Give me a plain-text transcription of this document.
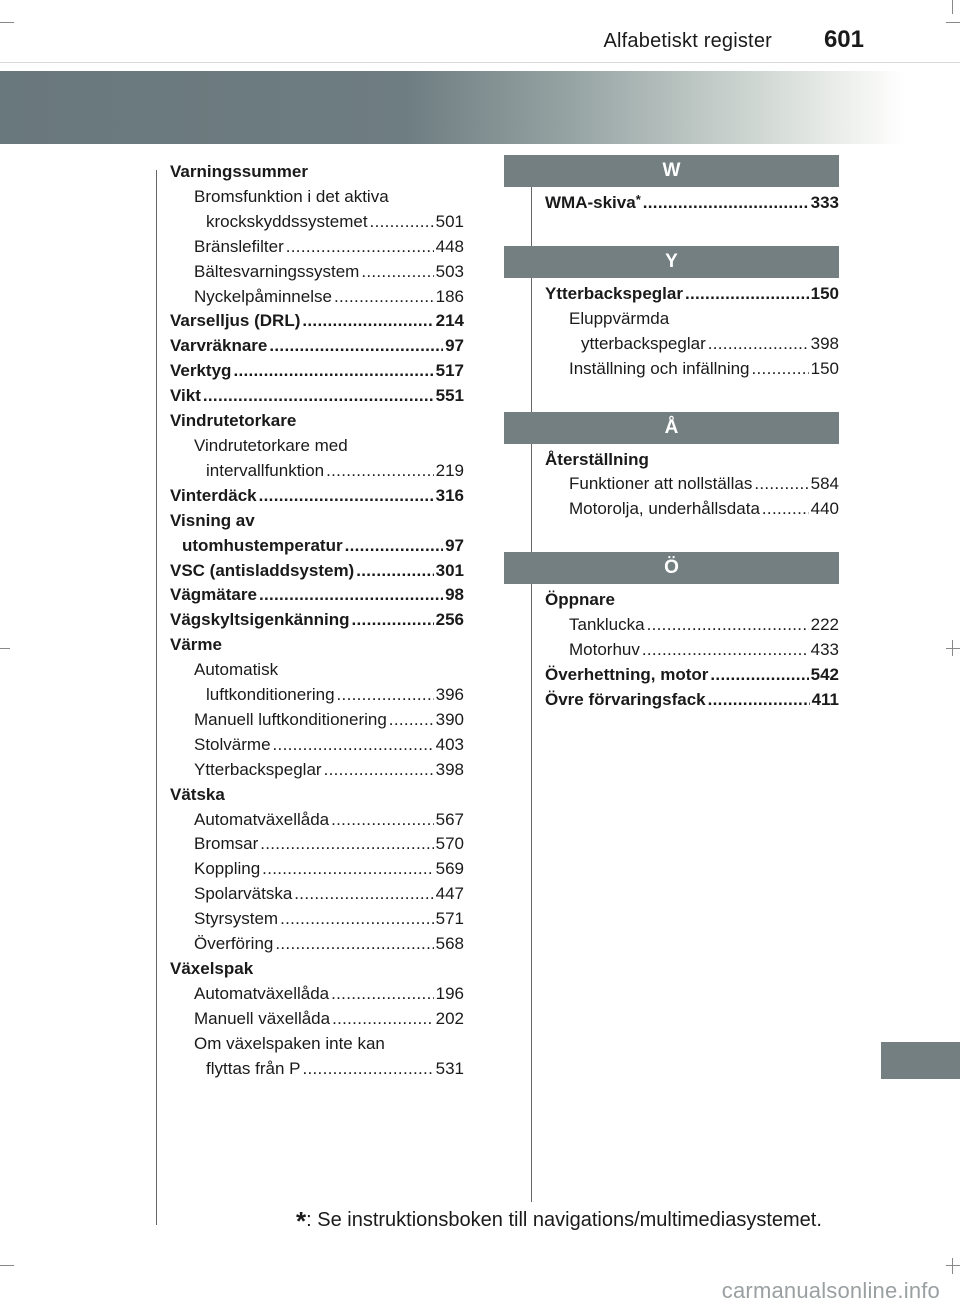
Alfabetiskt register 601
Varningssummer
Bromsfunktion i det aktiva
krockskyddssystemet .....	501
Bränslefilter .....	448
Bältesvarningssystem .....	503
Nyckelpåminnelse .....	186
Varselljus (DRL) .....	214
Varvräknare .....	97
Verktyg .....	517
Vikt .....	551
Vindrutetorkare
Vindrutetorkare med
intervallfunktion .....	219
Vinterdäck .....	316
Visning av
utomhustemperatur .....	97
VSC (antisladdsystem) .....	301
Vägmätare .....	98
Vägskyltsigenkänning .....	256
Värme
Automatisk
luftkonditionering .....	396
Manuell luftkonditionering .....	390
Stolvärme .....	403
Ytterbackspeglar .....	398
Vätska
Automatväxellåda .....	567
Bromsar .....	570
Koppling .....	569
Spolarvätska .....	447
Styrsystem .....	571
Överföring .....	568
Växelspak
Automatväxellåda .....	196
Manuell växellåda .....	202
Om växelspaken inte kan
flyttas från P .....	531
W
WMA-skiva* .....	333
Y
Ytterbackspeglar .....	150
Eluppvärmda
ytterbackspeglar .....	398
Inställning och infällning .....	150
Å
Återställning
Funktioner att nollställas .....	584
Motorolja, underhållsdata .....	440
Ö
Öppnare
Tanklucka .....	222
Motorhuv .....	433
Överhettning, motor .....	542
Övre förvaringsfack .....	411
*: Se instruktionsboken till navigations/multimediasystemet.
carmanualsonline.info
